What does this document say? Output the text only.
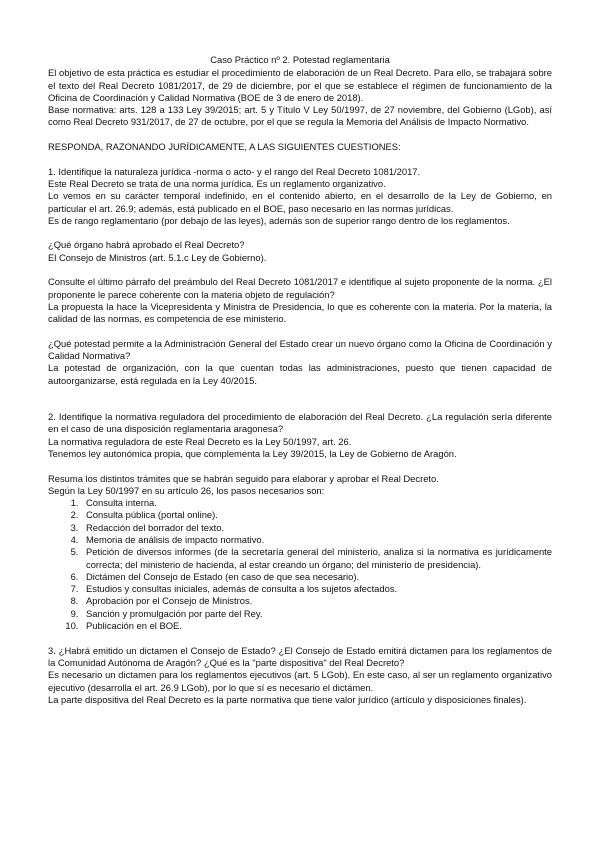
Caso Práctico nº 2. Potestad reglamentaria

El objetivo de esta práctica es estudiar el procedimiento de elaboración de un Real Decreto. Para ello, se trabajará sobre el texto del Real Decreto 1081/2017, de 29 de diciembre, por el que se establece el régimen de funcionamiento de la Oficina de Coordinación y Calidad Normativa (BOE de 3 de enero de 2018).

Base normativa: arts. 128 a 133 Ley 39/2015; art. 5 y Título V Ley 50/1997, de 27 noviembre, del Gobierno (LGob), así como Real Decreto 931/2017, de 27 de octubre, por el que se regula la Memoria del Análisis de Impacto Normativo.

RESPONDA, RAZONANDO JURÍDICAMENTE, A LAS SIGUIENTES CUESTIONES:

1. Identifique la naturaleza jurídica -norma o acto- y el rango del Real Decreto 1081/2017.

Este Real Decreto se trata de una norma jurídica. Es un reglamento organizativo.

Lo vemos en su carácter temporal indefinido, en el contenido abierto, en el desarrollo de la Ley de Gobierno, en particular el art. 26.9; además, está publicado en el BOE, paso necesario en las normas jurídicas.

Es de rango reglamentario (por debajo de las leyes), además son de superior rango dentro de los reglamentos.

¿Qué órgano habrá aprobado el Real Decreto?

El Consejo de Ministros (art. 5.1.c Ley de Gobierno).

Consulte el último párrafo del preámbulo del Real Decreto 1081/2017 e identifique al sujeto proponente de la norma. ¿El proponente le parece coherente con la materia objeto de regulación?

La propuesta la hace la Vicepresidenta y Ministra de Presidencia, lo que es coherente con la materia. Por la materia, la calidad de las normas, es competencia de ese ministerio.

¿Qué potestad permite a la Administración General del Estado crear un nuevo órgano como la Oficina de Coordinación y Calidad Normativa?

La potestad de organización, con la que cuentan todas las administraciones, puesto que tienen capacidad de autoorganizarse, está regulada en la Ley 40/2015.

2. Identifique la normativa reguladora del procedimiento de elaboración del Real Decreto. ¿La regulación sería diferente en el caso de una disposición reglamentaria aragonesa?

La normativa reguladora de este Real Decreto es la Ley 50/1997, art. 26.

Tenemos ley autonómica propia, que complementa la Ley 39/2015, la Ley de Gobierno de Aragón.

Resuma los distintos trámites que se habrán seguido para elaborar y aprobar el Real Decreto.

Según la Ley 50/1997 en su artículo 26, los pasos necesarios son:

1. Consulta interna.
2. Consulta pública (portal online).
3. Redacción del borrador del texto.
4. Memoria de análisis de impacto normativo.
5. Petición de diversos informes (de la secretaría general del ministerio, analiza si la normativa es jurídicamente correcta; del ministerio de hacienda, al estar creando un órgano; del ministerio de presidencia).
6. Dictámen del Consejo de Estado (en caso de que sea necesario).
7. Estudios y consultas iniciales, además de consulta a los sujetos afectados.
8. Aprobación por el Consejo de Ministros.
9. Sanción y promulgación por parte del Rey.
10. Publicación en el BOE.

3. ¿Habrá emitido un dictamen el Consejo de Estado? ¿El Consejo de Estado emitirá dictamen para los reglamentos de la Comunidad Autónoma de Aragón? ¿Qué es la "parte dispositiva" del Real Decreto?

Es necesario un dictamen para los reglamentos ejecutivos (art. 5 LGob). En este caso, al ser un reglamento organizativo ejecutivo (desarrolla el art. 26.9 LGob), por lo que sí es necesario el dictámen.

La parte dispositiva del Real Decreto es la parte normativa que tiene valor jurídico (artículo y disposiciones finales).
